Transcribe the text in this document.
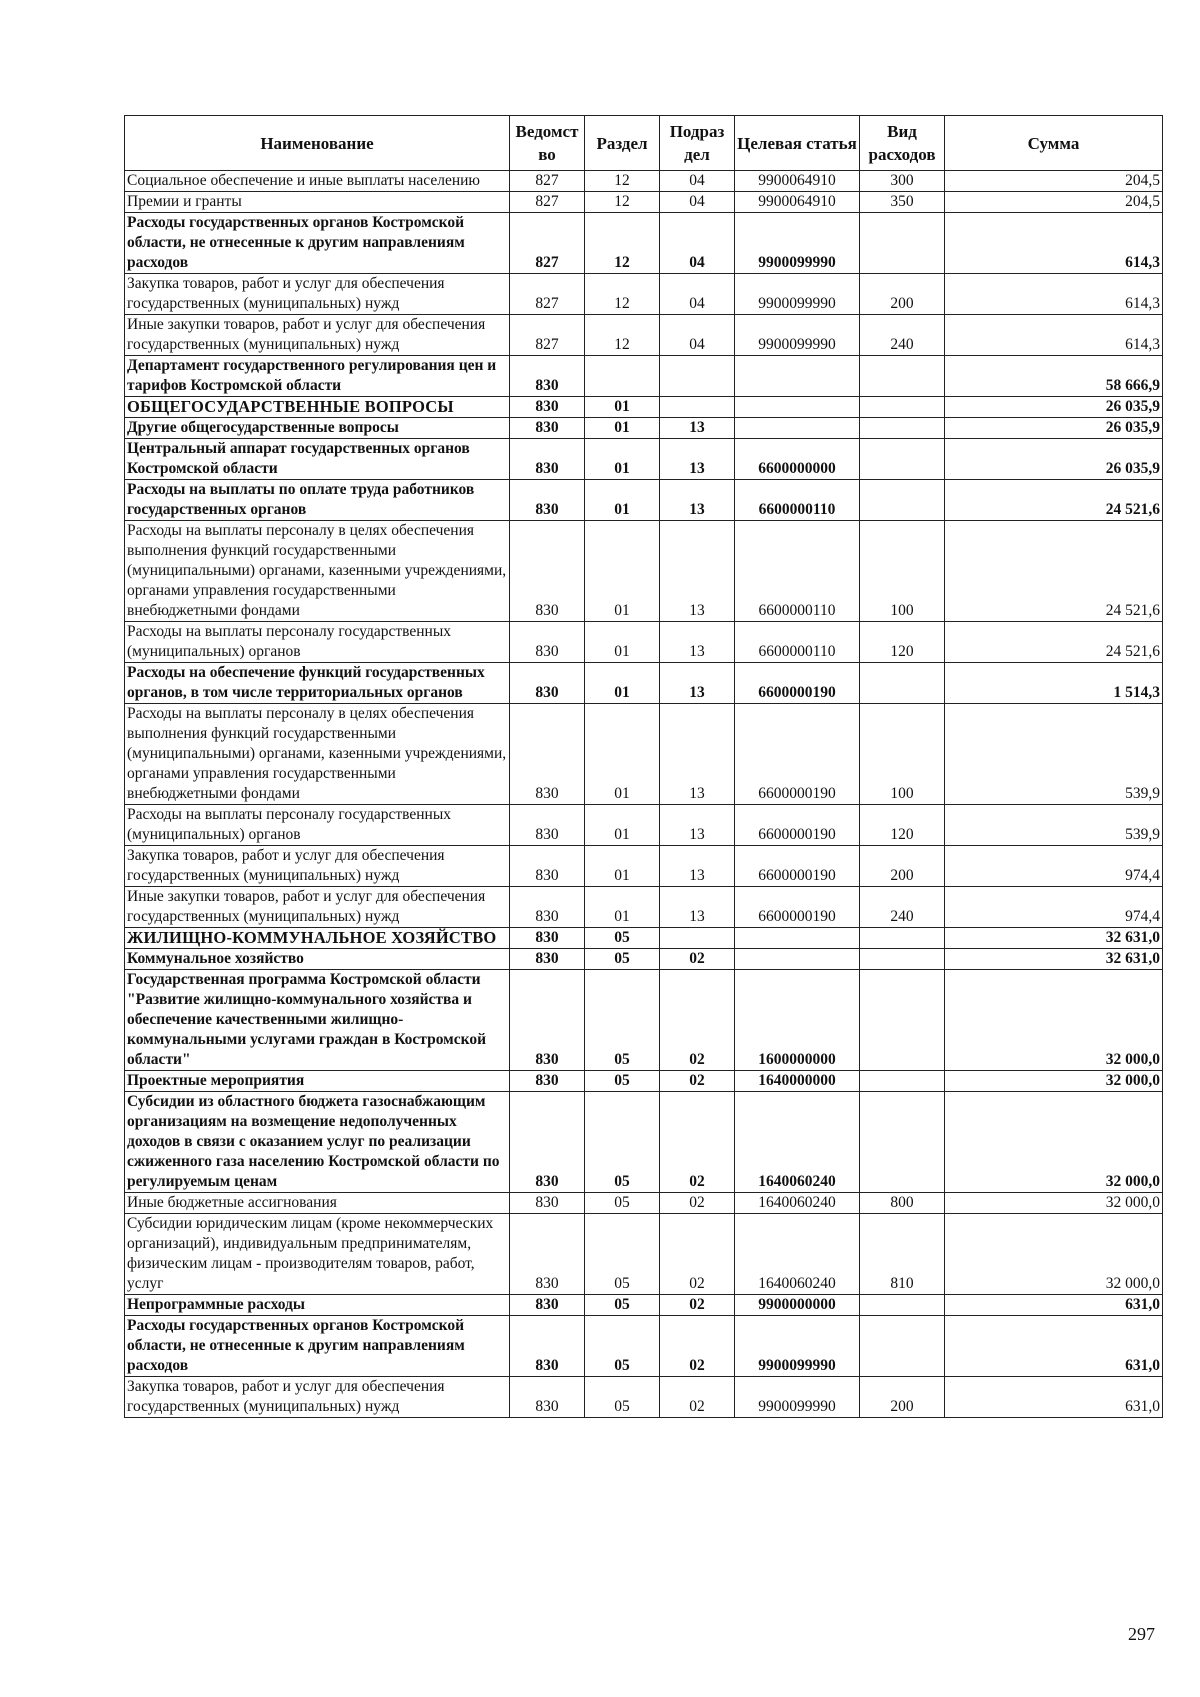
Наименование	Ведомст во	Раздел	Подраз дел	Целевая статья	Вид расходов	Сумма
Социальное обеспечение и иные выплаты населению	827	12	04	9900064910	300	204,5
Премии и гранты	827	12	04	9900064910	350	204,5
Расходы государственных органов Костромской области, не отнесенные к другим направлениям расходов	827	12	04	9900099990		614,3
Закупка товаров, работ и услуг для обеспечения государственных (муниципальных) нужд	827	12	04	9900099990	200	614,3
Иные закупки товаров, работ и услуг для обеспечения государственных (муниципальных) нужд	827	12	04	9900099990	240	614,3
Департамент государственного регулирования цен и тарифов Костромской области	830					58 666,9
ОБЩЕГОСУДАРСТВЕННЫЕ ВОПРОСЫ	830	01				26 035,9
Другие общегосударственные вопросы	830	01	13			26 035,9
Центральный аппарат государственных органов Костромской области	830	01	13	6600000000		26 035,9
Расходы на выплаты по оплате труда работников государственных органов	830	01	13	6600000110		24 521,6
Расходы на выплаты персоналу в целях обеспечения выполнения функций государственными (муниципальными) органами, казенными учреждениями, органами управления государственными внебюджетными фондами	830	01	13	6600000110	100	24 521,6
Расходы на выплаты персоналу государственных (муниципальных) органов	830	01	13	6600000110	120	24 521,6
Расходы на обеспечение функций государственных органов, в том числе территориальных органов	830	01	13	6600000190		1 514,3
Расходы на выплаты персоналу в целях обеспечения выполнения функций государственными (муниципальными) органами, казенными учреждениями, органами управления государственными внебюджетными фондами	830	01	13	6600000190	100	539,9
Расходы на выплаты персоналу государственных (муниципальных) органов	830	01	13	6600000190	120	539,9
Закупка товаров, работ и услуг для обеспечения государственных (муниципальных) нужд	830	01	13	6600000190	200	974,4
Иные закупки товаров, работ и услуг для обеспечения государственных (муниципальных) нужд	830	01	13	6600000190	240	974,4
ЖИЛИЩНО-КОММУНАЛЬНОЕ ХОЗЯЙСТВО	830	05				32 631,0
Коммунальное хозяйство	830	05	02			32 631,0
Государственная программа Костромской области "Развитие жилищно-коммунального хозяйства и обеспечение качественными жилищно-коммунальными услугами граждан в Костромской области"	830	05	02	1600000000		32 000,0
Проектные мероприятия	830	05	02	1640000000		32 000,0
Субсидии из областного бюджета газоснабжающим организациям на возмещение недополученных доходов в связи с оказанием услуг по реализации сжиженного газа населению Костромской области по регулируемым ценам	830	05	02	1640060240		32 000,0
Иные бюджетные ассигнования	830	05	02	1640060240	800	32 000,0
Субсидии юридическим лицам (кроме некоммерческих организаций), индивидуальным предпринимателям, физическим лицам - производителям товаров, работ, услуг	830	05	02	1640060240	810	32 000,0
Непрограммные расходы	830	05	02	9900000000		631,0
Расходы государственных органов Костромской области, не отнесенные к другим направлениям расходов	830	05	02	9900099990		631,0
Закупка товаров, работ и услуг для обеспечения государственных (муниципальных) нужд	830	05	02	9900099990	200	631,0
297
